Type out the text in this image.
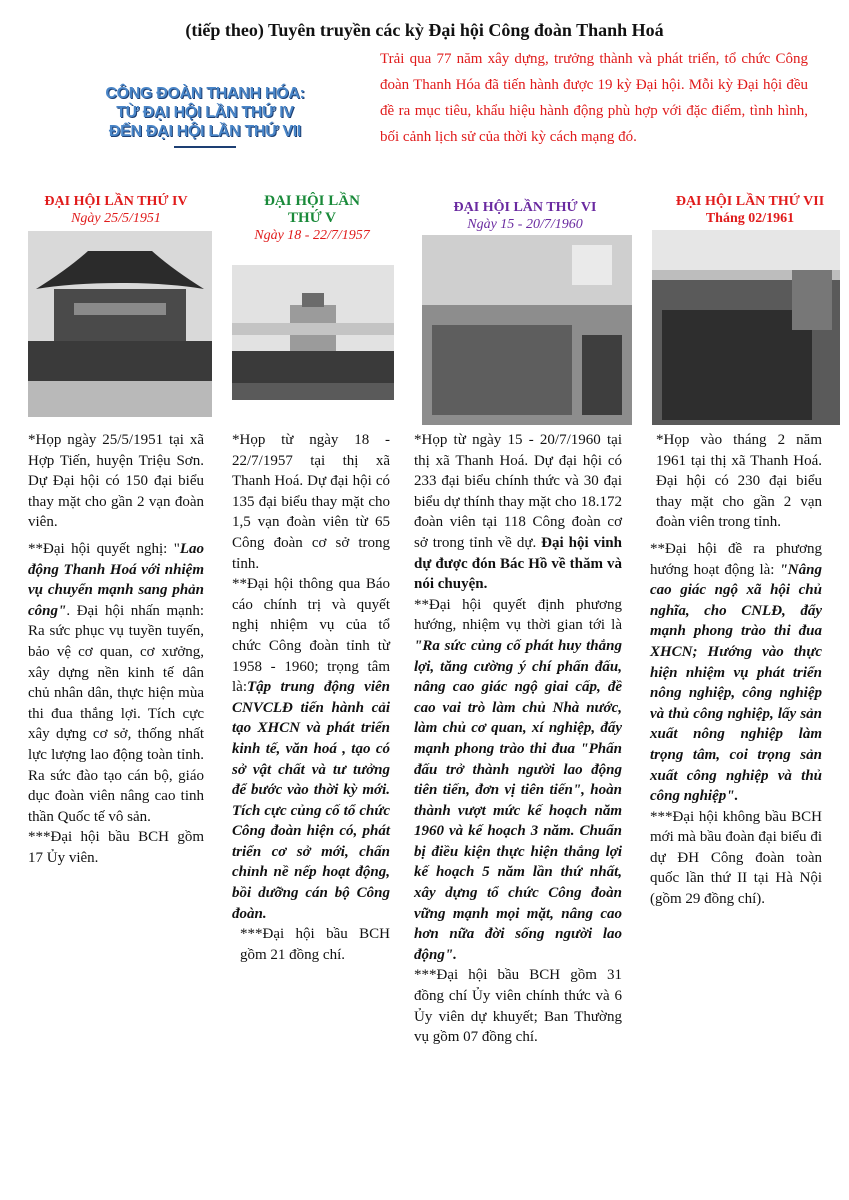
(tiếp theo) Tuyên truyền các kỳ Đại hội Công đoàn Thanh Hoá
CÔNG ĐOÀN THANH HÓA:
TỪ ĐẠI HỘI LẦN THỨ IV
ĐẾN ĐẠI HỘI LẦN THỨ VII
Trải qua 77 năm xây dựng, trưởng thành và phát triển, tổ chức Công đoàn Thanh Hóa đã tiến hành được 19 kỳ Đại hội. Mỗi kỳ Đại hội đều đề ra mục tiêu, khẩu hiệu hành động phù hợp với đặc điểm, tình hình, bối cảnh lịch sử của thời kỳ cách mạng đó.
ĐẠI HỘI LẦN THỨ IV
Ngày 25/5/1951
ĐẠI HỘI LẦN
THỨ V
Ngày 18 - 22/7/1957
ĐẠI HỘI LẦN THỨ VI
Ngày 15 - 20/7/1960
ĐẠI HỘI LẦN THỨ VII
Tháng 02/1961

*Họp ngày 25/5/1951 tại xã Hợp Tiến, huyện Triệu Sơn. Dự Đại hội có 150 đại biểu thay mặt cho gần 2 vạn đoàn viên.

**Đại hội quyết nghị: "Lao động Thanh Hoá với nhiệm vụ chuyển mạnh sang phản công". Đại hội nhấn mạnh: Ra sức phục vụ tuyền tuyến, bảo vệ cơ quan, cơ xưởng, xây dựng nền kinh tế dân chủ nhân dân, thực hiện mùa thi đua thắng lợi. Tích cực xây dựng cơ sở, thống nhất lực lượng lao động toàn tỉnh. Ra sức đào tạo cán bộ, giáo dục đoàn viên nâng cao tinh thần Quốc tế vô sản.

***Đại hội bầu BCH gồm 17 Ủy viên.

*Họp từ ngày 18 - 22/7/1957 tại thị xã Thanh Hoá. Dự đại hội có 135 đại biểu thay mặt cho 1,5 vạn đoàn viên từ 65 Công đoàn cơ sở trong tỉnh.

**Đại hội thông qua Báo cáo chính trị và quyết nghị nhiệm vụ của tổ chức Công đoàn tỉnh từ 1958 - 1960; trọng tâm là:Tập trung động viên CNVCLĐ tiến hành cải tạo XHCN và phát triển kinh tế, văn hoá , tạo có sở vật chất và tư tưởng để bước vào thời kỳ mới. Tích cực củng cố tổ chức Công đoàn hiện có, phát triển cơ sở mới, chấn chỉnh nề nếp hoạt động, bồi dưỡng cán bộ Công đoàn.

***Đại hội bầu BCH gồm 21 đồng chí.

*Họp từ ngày 15 - 20/7/1960 tại thị xã Thanh Hoá. Dự đại hội có 233 đại biểu chính thức và 30 đại biểu dự thính thay mặt cho 18.172 đoàn viên tại 118 Công đoàn cơ sở trong tỉnh về dự. Đại hội vinh dự được đón Bác Hồ về thăm và nói chuyện.

**Đại hội quyết định phương hướng, nhiệm vụ thời gian tới là "Ra sức củng cố phát huy thắng lợi, tăng cường ý chí phấn đấu, nâng cao giác ngộ giai cấp, đề cao vai trò làm chủ Nhà nước, làm chủ cơ quan, xí nghiệp, đẩy mạnh phong trào thi đua "Phấn đấu trở thành người lao động tiên tiến, đơn vị tiên tiến", hoàn thành vượt mức kế hoạch năm 1960 và kế hoạch 3 năm. Chuẩn bị điều kiện thực hiện thắng lợi kế hoạch 5 năm lần thứ nhất, xây dựng tổ chức Công đoàn vững mạnh mọi mặt, nâng cao hơn nữa đời sống người lao động".

***Đại hội bầu BCH gồm 31 đồng chí Ủy viên chính thức và 6 Ủy viên dự khuyết; Ban Thường vụ gồm 07 đồng chí.

*Họp vào tháng 2 năm 1961 tại thị xã Thanh Hoá. Đại hội có 230 đại biểu thay mặt cho gần 2 vạn đoàn viên trong tỉnh.

**Đại hội đề ra phương hướng hoạt động là: "Nâng cao giác ngộ xã hội chủ nghĩa, cho CNLĐ, đẩy mạnh phong trào thi đua XHCN; Hướng vào thực hiện nhiệm vụ phát triển nông nghiệp, công nghiệp và thủ công nghiệp, lấy sản xuất nông nghiệp làm trọng tâm, coi trọng sản xuất công nghiệp và thủ công nghiệp".

***Đại hội không bầu BCH mới mà bầu đoàn đại biểu đi dự ĐH Công đoàn toàn quốc lần thứ II tại Hà Nội (gồm 29 đồng chí).
